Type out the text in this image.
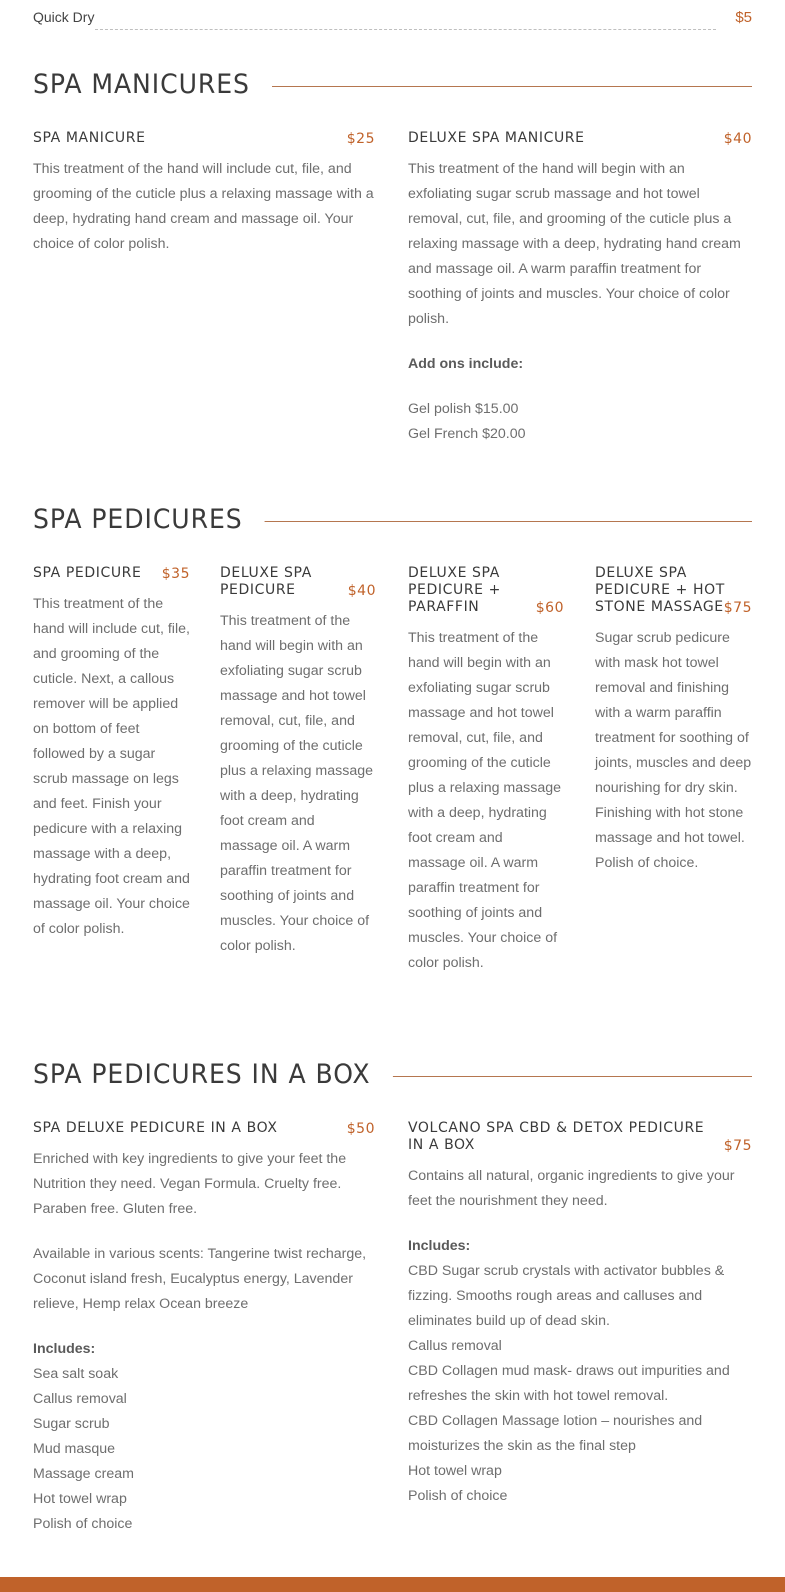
Quick Dry	$5
SPA MANICURES
SPA MANICURE	$25

This treatment of the hand will include cut, file, and grooming of the cuticle plus a relaxing massage with a deep, hydrating hand cream and massage oil. Your choice of color polish.

DELUXE SPA MANICURE	$40

This treatment of the hand will begin with an exfoliating sugar scrub massage and hot towel removal, cut, file, and grooming of the cuticle plus a relaxing massage with a deep, hydrating hand cream and massage oil. A warm paraffin treatment for soothing of joints and muscles. Your choice of color polish.

Add ons include:

Gel polish $15.00
Gel French $20.00
SPA PEDICURES
SPA PEDICURE	$35

This treatment of the hand will include cut, file, and grooming of the cuticle. Next, a callous remover will be applied on bottom of feet followed by a sugar scrub massage on legs and feet. Finish your pedicure with a relaxing massage with a deep, hydrating foot cream and massage oil. Your choice of color polish.

DELUXE SPA PEDICURE	$40

This treatment of the hand will begin with an exfoliating sugar scrub massage and hot towel removal, cut, file, and grooming of the cuticle plus a relaxing massage with a deep, hydrating foot cream and massage oil. A warm paraffin treatment for soothing of joints and muscles. Your choice of color polish.

DELUXE SPA PEDICURE + PARAFFIN	$60

This treatment of the hand will begin with an exfoliating sugar scrub massage and hot towel removal, cut, file, and grooming of the cuticle plus a relaxing massage with a deep, hydrating foot cream and massage oil. A warm paraffin treatment for soothing of joints and muscles. Your choice of color polish.

DELUXE SPA PEDICURE + HOT STONE MASSAGE $75

Sugar scrub pedicure with mask hot towel removal and finishing with a warm paraffin treatment for soothing of joints, muscles and deep nourishing for dry skin. Finishing with hot stone massage and hot towel. Polish of choice.

SPA PEDICURES IN A BOX
SPA DELUXE PEDICURE IN A BOX	$50

Enriched with key ingredients to give your feet the Nutrition they need. Vegan Formula. Cruelty free. Paraben free. Gluten free.

Available in various scents: Tangerine twist recharge, Coconut island fresh, Eucalyptus energy, Lavender relieve, Hemp relax Ocean breeze

Includes:

Sea salt soak
Callus removal
Sugar scrub
Mud masque
Massage cream
Hot towel wrap
Polish of choice
VOLCANO SPA CBD & DETOX PEDICURE IN A BOX	$75

Contains all natural, organic ingredients to give your feet the nourishment they need.

Includes:

CBD Sugar scrub crystals with activator bubbles & fizzing. Smooths rough areas and calluses and eliminates build up of dead skin.
Callus removal
CBD Collagen mud mask- draws out impurities and refreshes the skin with hot towel removal.
CBD Collagen Massage lotion – nourishes and moisturizes the skin as the final step
Hot towel wrap
Polish of choice
